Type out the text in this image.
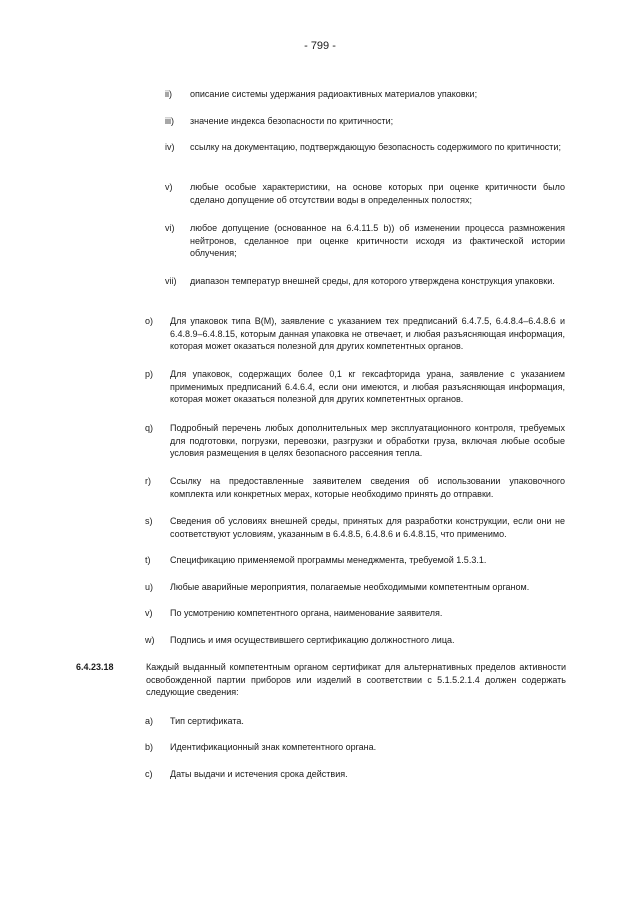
- 799 -
ii) описание системы удержания радиоактивных материалов упаковки;
iii) значение индекса безопасности по критичности;
iv) ссылку на документацию, подтверждающую безопасность содержимого по критичности;
v) любые особые характеристики, на основе которых при оценке критичности было сделано допущение об отсутствии воды в определенных полостях;
vi) любое допущение (основанное на 6.4.11.5 b)) об изменении процесса размножения нейтронов, сделанное при оценке критичности исходя из фактической истории облучения;
vii) диапазон температур внешней среды, для которого утверждена конструкция упаковки.
o) Для упаковок типа B(M), заявление с указанием тех предписаний 6.4.7.5, 6.4.8.4–6.4.8.6 и 6.4.8.9–6.4.8.15, которым данная упаковка не отвечает, и любая разъясняющая информация, которая может оказаться полезной для других компетентных органов.
p) Для упаковок, содержащих более 0,1 кг гексафторида урана, заявление с указанием применимых предписаний 6.4.6.4, если они имеются, и любая разъясняющая информация, которая может оказаться полезной для других компетентных органов.
q) Подробный перечень любых дополнительных мер эксплуатационного контроля, требуемых для подготовки, погрузки, перевозки, разгрузки и обработки груза, включая любые особые условия размещения в целях безопасного рассеяния тепла.
r) Ссылку на предоставленные заявителем сведения об использовании упаковочного комплекта или конкретных мерах, которые необходимо принять до отправки.
s) Сведения об условиях внешней среды, принятых для разработки конструкции, если они не соответствуют условиям, указанным в 6.4.8.5, 6.4.8.6 и 6.4.8.15, что применимо.
t) Спецификацию применяемой программы менеджмента, требуемой 1.5.3.1.
u) Любые аварийные мероприятия, полагаемые необходимыми компетентным органом.
v) По усмотрению компетентного органа, наименование заявителя.
w) Подпись и имя осуществившего сертификацию должностного лица.
6.4.23.18	Каждый выданный компетентным органом сертификат для альтернативных пределов активности освобожденной партии приборов или изделий в соответствии с 5.1.5.2.1.4 должен содержать следующие сведения:
a) Тип сертификата.
b) Идентификационный знак компетентного органа.
c) Даты выдачи и истечения срока действия.
